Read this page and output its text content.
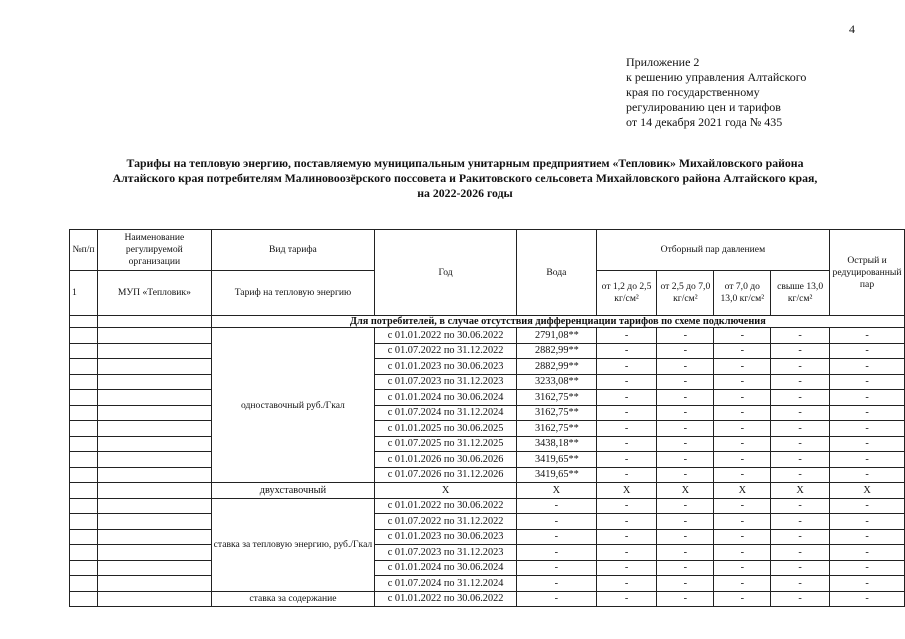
4
Приложение 2
к решению управления Алтайского
края по государственному
регулированию цен и тарифов
от 14 декабря 2021 года № 435
Тарифы на тепловую энергию, поставляемую муниципальным унитарным предприятием «Тепловик» Михайловского района
Алтайского края потребителям Малиновоозёрского поссовета и Ракитовского сельсовета Михайловского района Алтайского края,
на 2022-2026 годы
№п/п	Наименование регулируемой организации	Вид тарифа	Год	Вода	Отборный пар давлением				Острый и редуцированный пар
1	МУП «Тепловик»	Тариф на тепловую энергию			от 1,2 до 2,5 кг/см²	от 2,5 до 7,0 кг/см²	от 7,0 до 13,0 кг/см²	свыше 13,0 кг/см²	
		Для потребителей, в случае отсутствия дифференциации тарифов по схеме подключения							
		одноставочный руб./Гкал	с 01.01.2022 по 30.06.2022	2791,08**	-	-	-	-	-
			с 01.07.2022 по 31.12.2022	2882,99**	-	-	-	-	-
			с 01.01.2023 по 30.06.2023	2882,99**	-	-	-	-	-
			с 01.07.2023 по 31.12.2023	3233,08**	-	-	-	-	-
			с 01.01.2024 по 30.06.2024	3162,75**	-	-	-	-	-
			с 01.07.2024 по 31.12.2024	3162,75**	-	-	-	-	-
			с 01.01.2025 по 30.06.2025	3162,75**	-	-	-	-	-
			с 01.07.2025 по 31.12.2025	3438,18**	-	-	-	-	-
			с 01.01.2026 по 30.06.2026	3419,65**	-	-	-	-	-
			с 01.07.2026 по 31.12.2026	3419,65**	-	-	-	-	-
		двухставочный	X	X	X	X	X	X	X
		ставка за тепловую энергию, руб./Гкал	с 01.01.2022 по 30.06.2022	-	-	-	-	-	-
			с 01.07.2022 по 31.12.2022	-	-	-	-	-	-
			с 01.01.2023 по 30.06.2023	-	-	-	-	-	-
			с 01.07.2023 по 31.12.2023	-	-	-	-	-	-
			с 01.01.2024 по 30.06.2024	-	-	-	-	-	-
			с 01.07.2024 по 31.12.2024	-	-	-	-	-	-
		ставка за содержание	с 01.01.2022 по 30.06.2022	-	-	-	-	-	-
